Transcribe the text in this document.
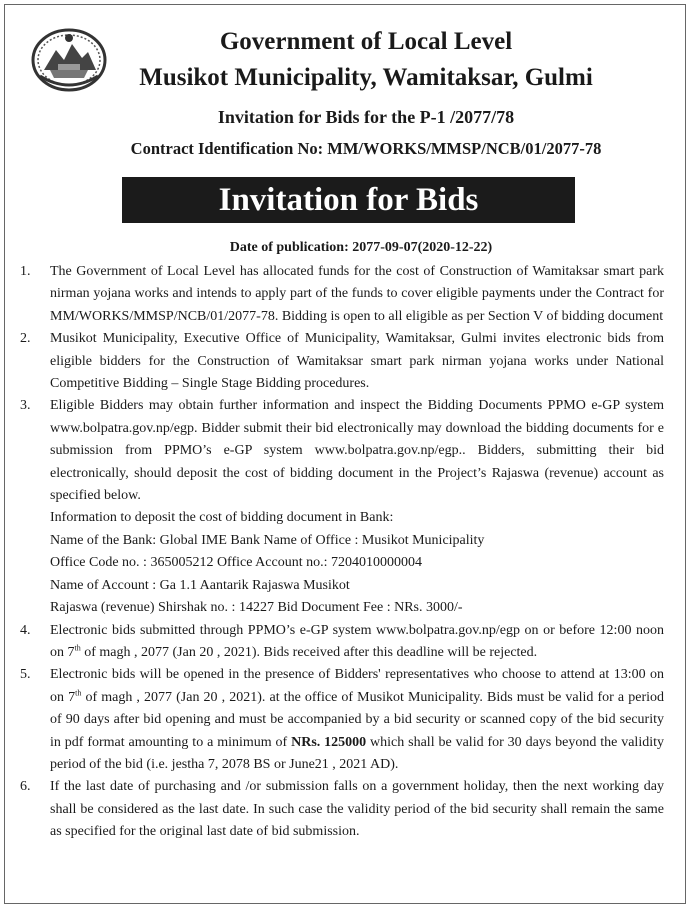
Government of Local Level
Musikot Municipality, Wamitaksar, Gulmi
Invitation for Bids for the P-1 /2077/78
Contract Identification No: MM/WORKS/MMSP/NCB/01/2077-78
Invitation for Bids
Date of publication: 2077-09-07(2020-12-22)
1. The Government of Local Level has allocated funds for the cost of Construction of Wamitaksar smart park nirman yojana works and intends to apply part of the funds to cover eligible payments under the Contract for MM/WORKS/MMSP/NCB/01/2077-78. Bidding is open to all eligible as per Section V of bidding document
2. Musikot Municipality, Executive Office of Municipality, Wamitaksar, Gulmi invites electronic bids from eligible bidders for the Construction of Wamitaksar smart park nirman yojana works under National Competitive Bidding – Single Stage Bidding procedures.
3. Eligible Bidders may obtain further information and inspect the Bidding Documents PPMO e-GP system www.bolpatra.gov.np/egp. Bidder submit their bid electronically may download the bidding documents for e submission from PPMO’s e-GP system www.bolpatra.gov.np/egp.. Bidders, submitting their bid electronically, should deposit the cost of bidding document in the Project’s Rajaswa (revenue) account as specified below.
Information to deposit the cost of bidding document in Bank:
Name of the Bank: Global IME Bank Name of Office : Musikot Municipality
Office Code no. : 365005212 Office Account no.: 7204010000004
Name of Account : Ga 1.1 Aantarik Rajaswa Musikot
Rajaswa (revenue) Shirshak no. : 14227 Bid Document Fee : NRs. 3000/-
4. Electronic bids submitted through PPMO’s e-GP system www.bolpatra.gov.np/egp on or before 12:00 noon on 7th of magh , 2077 (Jan 20 , 2021). Bids received after this deadline will be rejected.
5. Electronic bids will be opened in the presence of Bidders' representatives who choose to attend at 13:00 on on 7th of magh , 2077 (Jan 20 , 2021). at the office of Musikot Municipality. Bids must be valid for a period of 90 days after bid opening and must be accompanied by a bid security or scanned copy of the bid security in pdf format amounting to a minimum of NRs. 125000 which shall be valid for 30 days beyond the validity period of the bid (i.e. jestha 7, 2078 BS or June21 , 2021 AD).
6. If the last date of purchasing and /or submission falls on a government holiday, then the next working day shall be considered as the last date. In such case the validity period of the bid security shall remain the same as specified for the original last date of bid submission.
